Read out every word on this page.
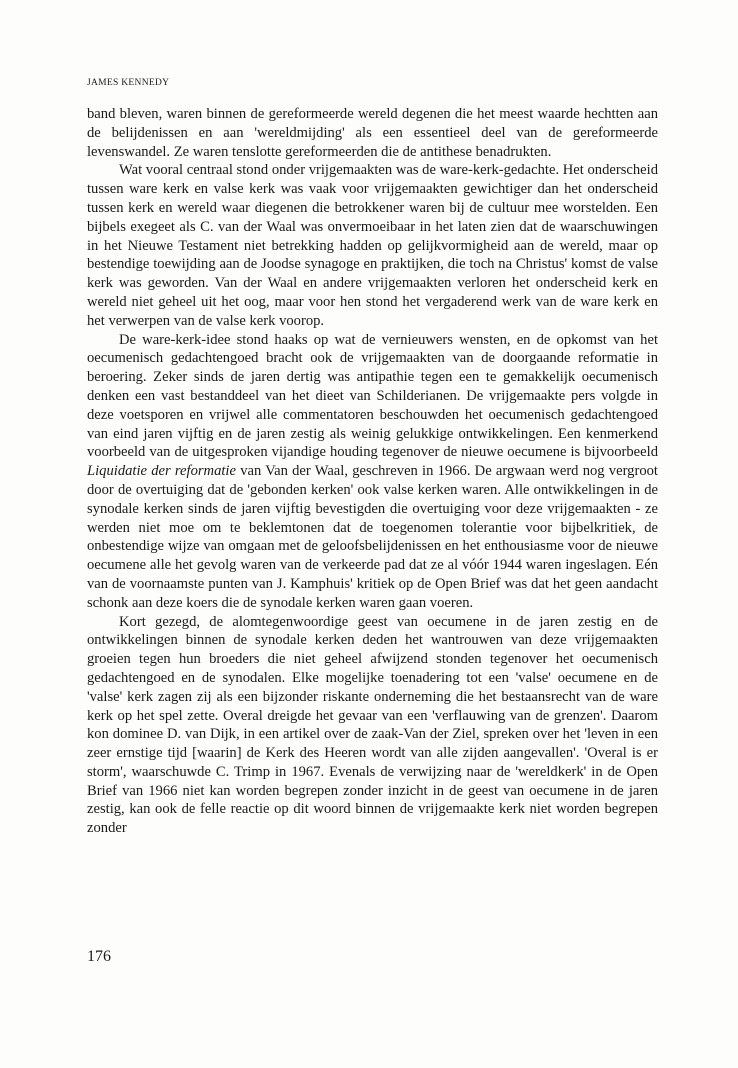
JAMES KENNEDY

band bleven, waren binnen de gereformeerde wereld degenen die het meest waarde hechtten aan de belijdenissen en aan 'wereldmijding' als een essentieel deel van de gereformeerde levenswandel. Ze waren tenslotte gereformeerden die de antithese benadrukten.

Wat vooral centraal stond onder vrijgemaakten was de ware-kerk-gedachte. Het onderscheid tussen ware kerk en valse kerk was vaak voor vrijgemaakten gewichtiger dan het onderscheid tussen kerk en wereld waar diegenen die betrokkener waren bij de cultuur mee worstelden. Een bijbels exegeet als C. van der Waal was onvermoeibaar in het laten zien dat de waarschuwingen in het Nieuwe Testament niet betrekking hadden op gelijkvormigheid aan de wereld, maar op bestendige toewijding aan de Joodse synagoge en praktijken, die toch na Christus' komst de valse kerk was geworden. Van der Waal en andere vrijgemaakten verloren het onderscheid kerk en wereld niet geheel uit het oog, maar voor hen stond het vergaderend werk van de ware kerk en het verwerpen van de valse kerk voorop.

De ware-kerk-idee stond haaks op wat de vernieuwers wensten, en de opkomst van het oecumenisch gedachtengoed bracht ook de vrijgemaakten van de doorgaande reformatie in beroering. Zeker sinds de jaren dertig was antipathie tegen een te gemakkelijk oecumenisch denken een vast bestanddeel van het dieet van Schilderianen. De vrijgemaakte pers volgde in deze voetsporen en vrijwel alle commentatoren beschouwden het oecumenisch gedachtengoed van eind jaren vijftig en de jaren zestig als weinig gelukkige ontwikkelingen. Een kenmerkend voorbeeld van de uitgesproken vijandige houding tegenover de nieuwe oecumene is bijvoorbeeld Liquidatie der reformatie van Van der Waal, geschreven in 1966. De argwaan werd nog vergroot door de overtuiging dat de 'gebonden kerken' ook valse kerken waren. Alle ontwikkelingen in de synodale kerken sinds de jaren vijftig bevestigden die overtuiging voor deze vrijgemaakten - ze werden niet moe om te beklemtonen dat de toegenomen tolerantie voor bijbelkritiek, de onbestendige wijze van omgaan met de geloofsbelijdenissen en het enthousiasme voor de nieuwe oecumene alle het gevolg waren van de verkeerde pad dat ze al vóór 1944 waren ingeslagen. Eén van de voornaamste punten van J. Kamphuis' kritiek op de Open Brief was dat het geen aandacht schonk aan deze koers die de synodale kerken waren gaan voeren.

Kort gezegd, de alomtegenwoordige geest van oecumene in de jaren zestig en de ontwikkelingen binnen de synodale kerken deden het wantrouwen van deze vrijgemaakten groeien tegen hun broeders die niet geheel afwijzend stonden tegenover het oecumenisch gedachtengoed en de synodalen. Elke mogelijke toenadering tot een 'valse' oecumene en de 'valse' kerk zagen zij als een bijzonder riskante onderneming die het bestaansrecht van de ware kerk op het spel zette. Overal dreigde het gevaar van een 'verflauwing van de grenzen'. Daarom kon dominee D. van Dijk, in een artikel over de zaak-Van der Ziel, spreken over het 'leven in een zeer ernstige tijd [waarin] de Kerk des Heeren wordt van alle zijden aangevallen'. 'Overal is er storm', waarschuwde C. Trimp in 1967. Evenals de verwijzing naar de 'wereldkerk' in de Open Brief van 1966 niet kan worden begrepen zonder inzicht in de geest van oecumene in de jaren zestig, kan ook de felle reactie op dit woord binnen de vrijgemaakte kerk niet worden begrepen zonder

176
